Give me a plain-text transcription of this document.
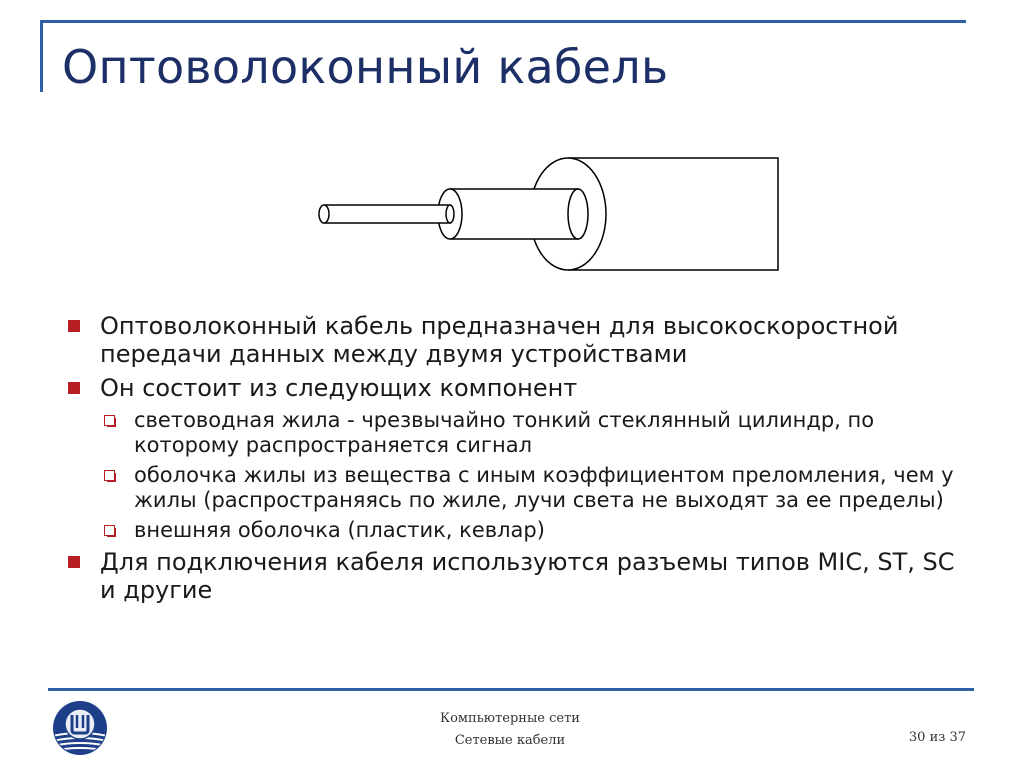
Оптоволоконный кабель
Оптоволоконный кабель предназначен для высокоскоростной передачи данных между двумя устройствами
Он состоит из следующих компонент
световодная жила - чрезвычайно тонкий стеклянный цилиндр, по которому распространяется сигнал
оболочка жилы из вещества с иным коэффициентом преломления, чем у жилы (распространяясь по жиле, лучи света не выходят за ее пределы)
внешняя оболочка (пластик, кевлар)
Для подключения кабеля используются разъемы типов MIC, ST, SC и другие
Компьютерные сети
Сетевые кабели	30 из 37
